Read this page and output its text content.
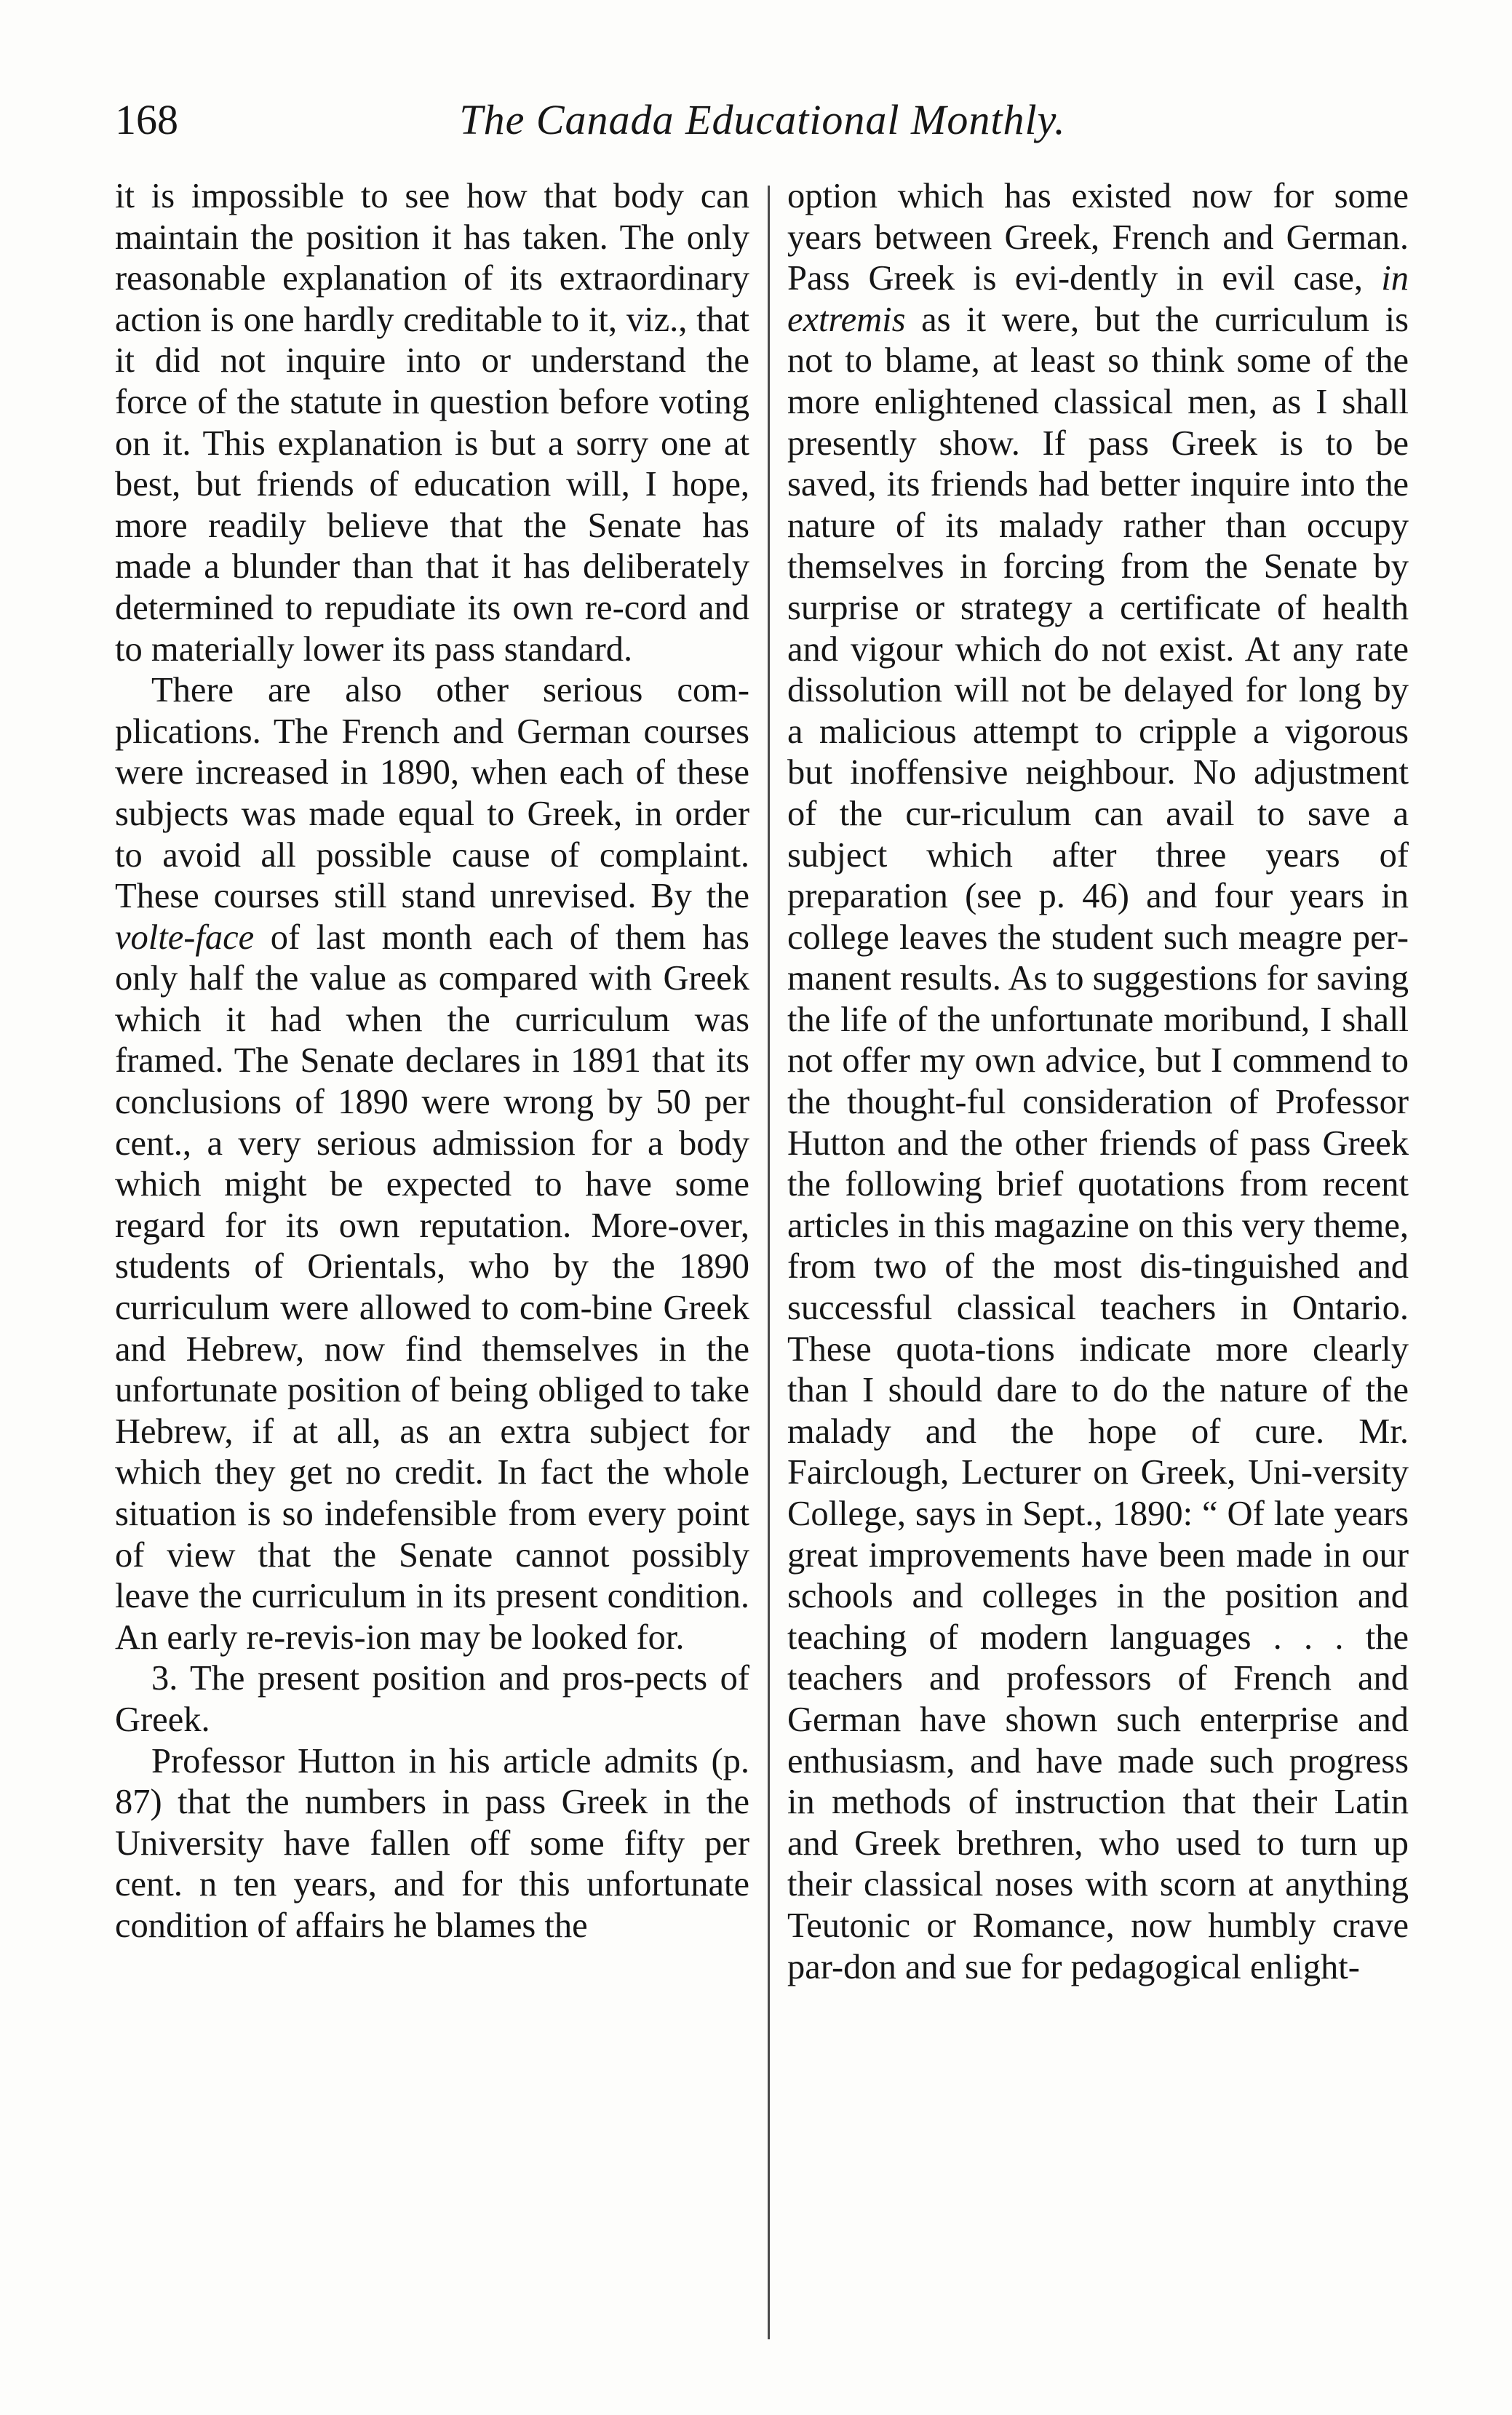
168	The Canada Educational Monthly.

it is impossible to see how that body can maintain the position it has taken. The only reasonable explanation of its extraordinary action is one hardly creditable to it, viz., that it did not inquire into or understand the force of the statute in question before voting on it. This explanation is but a sorry one at best, but friends of education will, I hope, more readily believe that the Senate has made a blunder than that it has deliberately determined to repudiate its own re-cord and to materially lower its pass standard.

There are also other serious com-plications. The French and German courses were increased in 1890, when each of these subjects was made equal to Greek, in order to avoid all possible cause of complaint. These courses still stand unrevised. By the volte-face of last month each of them has only half the value as compared with Greek which it had when the curriculum was framed. The Senate declares in 1891 that its conclusions of 1890 were wrong by 50 per cent., a very serious admission for a body which might be expected to have some regard for its own reputation. More-over, students of Orientals, who by the 1890 curriculum were allowed to com-bine Greek and Hebrew, now find themselves in the unfortunate position of being obliged to take Hebrew, if at all, as an extra subject for which they get no credit. In fact the whole situation is so indefensible from every point of view that the Senate cannot possibly leave the curriculum in its present condition. An early re-revis-ion may be looked for.

3. The present position and pros-pects of Greek.

Professor Hutton in his article admits (p. 87) that the numbers in pass Greek in the University have fallen off some fifty per cent. n ten years, and for this unfortunate condition of affairs he blames the

option which has existed now for some years between Greek, French and German. Pass Greek is evi-dently in evil case, in extremis as it were, but the curriculum is not to blame, at least so think some of the more enlightened classical men, as I shall presently show. If pass Greek is to be saved, its friends had better inquire into the nature of its malady rather than occupy themselves in forcing from the Senate by surprise or strategy a certificate of health and vigour which do not exist. At any rate dissolution will not be delayed for long by a malicious attempt to cripple a vigorous but inoffensive neighbour. No adjustment of the cur-riculum can avail to save a subject which after three years of preparation (see p. 46) and four years in college leaves the student such meagre per-manent results. As to suggestions for saving the life of the unfortunate moribund, I shall not offer my own advice, but I commend to the thought-ful consideration of Professor Hutton and the other friends of pass Greek the following brief quotations from recent articles in this magazine on this very theme, from two of the most dis-tinguished and successful classical teachers in Ontario. These quota-tions indicate more clearly than I should dare to do the nature of the malady and the hope of cure. Mr. Fairclough, Lecturer on Greek, Uni-versity College, says in Sept., 1890: “ Of late years great improvements have been made in our schools and colleges in the position and teaching of modern languages . . . the teachers and professors of French and German have shown such enterprise and enthusiasm, and have made such progress in methods of instruction that their Latin and Greek brethren, who used to turn up their classical noses with scorn at anything Teutonic or Romance, now humbly crave par-don and sue for pedagogical enlight-
